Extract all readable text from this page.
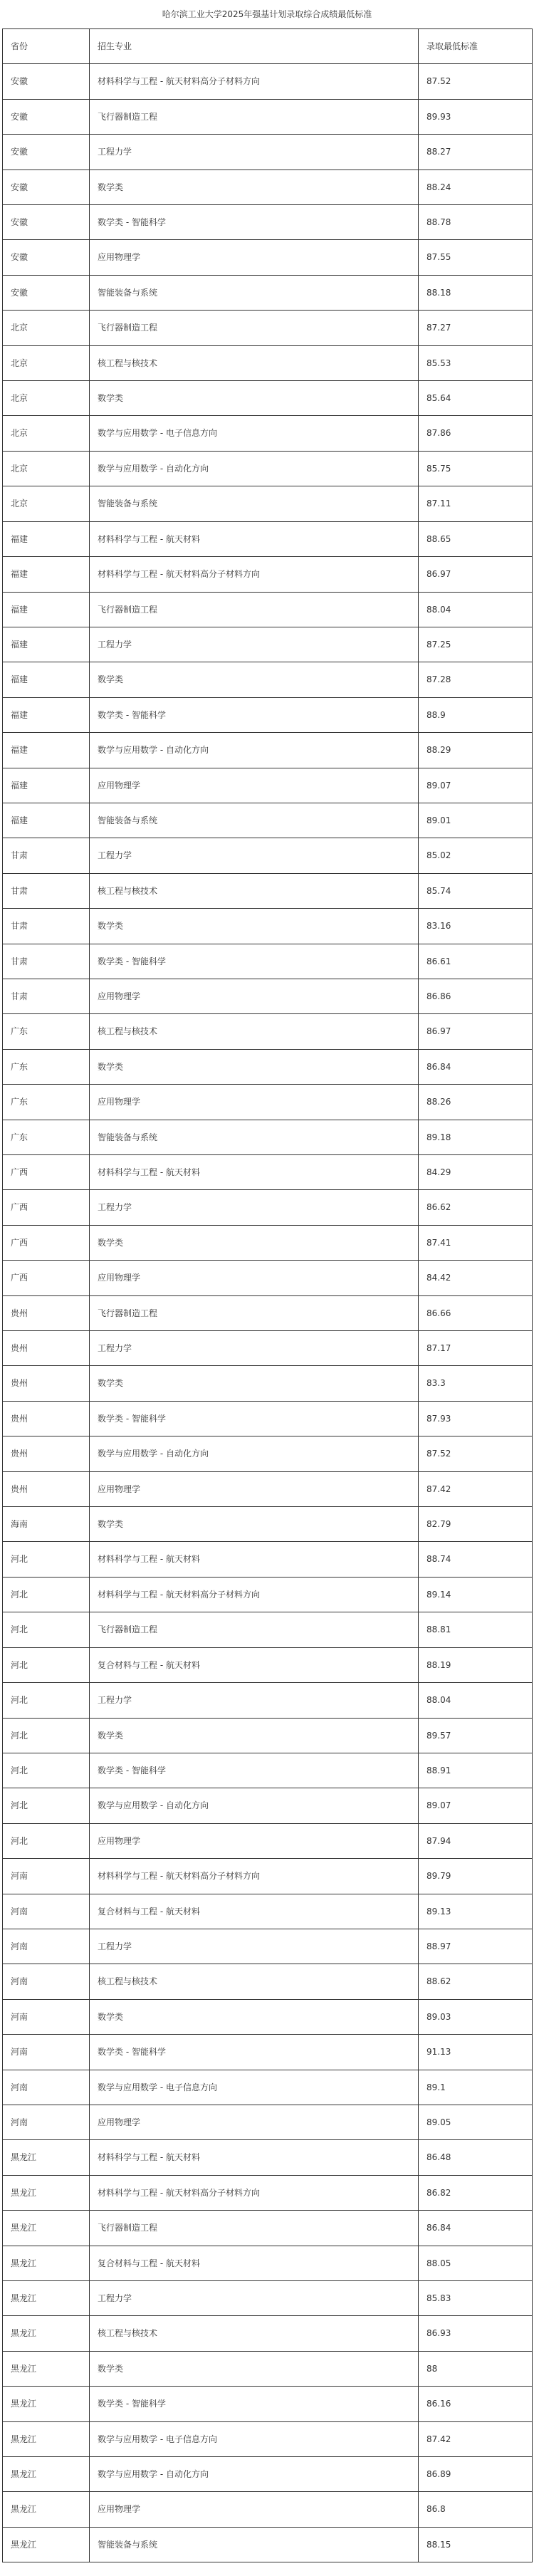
哈尔滨工业大学2025年强基计划录取综合成绩最低标准
省份	招生专业	录取最低标准
安徽	材料科学与工程 - 航天材料高分子材料方向	87.52
安徽	飞行器制造工程	89.93
安徽	工程力学	88.27
安徽	数学类	88.24
安徽	数学类 - 智能科学	88.78
安徽	应用物理学	87.55
安徽	智能装备与系统	88.18
北京	飞行器制造工程	87.27
北京	核工程与核技术	85.53
北京	数学类	85.64
北京	数学与应用数学 - 电子信息方向	87.86
北京	数学与应用数学 - 自动化方向	85.75
北京	智能装备与系统	87.11
福建	材料科学与工程 - 航天材料	88.65
福建	材料科学与工程 - 航天材料高分子材料方向	86.97
福建	飞行器制造工程	88.04
福建	工程力学	87.25
福建	数学类	87.28
福建	数学类 - 智能科学	88.9
福建	数学与应用数学 - 自动化方向	88.29
福建	应用物理学	89.07
福建	智能装备与系统	89.01
甘肃	工程力学	85.02
甘肃	核工程与核技术	85.74
甘肃	数学类	83.16
甘肃	数学类 - 智能科学	86.61
甘肃	应用物理学	86.86
广东	核工程与核技术	86.97
广东	数学类	86.84
广东	应用物理学	88.26
广东	智能装备与系统	89.18
广西	材料科学与工程 - 航天材料	84.29
广西	工程力学	86.62
广西	数学类	87.41
广西	应用物理学	84.42
贵州	飞行器制造工程	86.66
贵州	工程力学	87.17
贵州	数学类	83.3
贵州	数学类 - 智能科学	87.93
贵州	数学与应用数学 - 自动化方向	87.52
贵州	应用物理学	87.42
海南	数学类	82.79
河北	材料科学与工程 - 航天材料	88.74
河北	材料科学与工程 - 航天材料高分子材料方向	89.14
河北	飞行器制造工程	88.81
河北	复合材料与工程 - 航天材料	88.19
河北	工程力学	88.04
河北	数学类	89.57
河北	数学类 - 智能科学	88.91
河北	数学与应用数学 - 自动化方向	89.07
河北	应用物理学	87.94
河南	材料科学与工程 - 航天材料高分子材料方向	89.79
河南	复合材料与工程 - 航天材料	89.13
河南	工程力学	88.97
河南	核工程与核技术	88.62
河南	数学类	89.03
河南	数学类 - 智能科学	91.13
河南	数学与应用数学 - 电子信息方向	89.1
河南	应用物理学	89.05
黑龙江	材料科学与工程 - 航天材料	86.48
黑龙江	材料科学与工程 - 航天材料高分子材料方向	86.82
黑龙江	飞行器制造工程	86.84
黑龙江	复合材料与工程 - 航天材料	88.05
黑龙江	工程力学	85.83
黑龙江	核工程与核技术	86.93
黑龙江	数学类	88
黑龙江	数学类 - 智能科学	86.16
黑龙江	数学与应用数学 - 电子信息方向	87.42
黑龙江	数学与应用数学 - 自动化方向	86.89
黑龙江	应用物理学	86.8
黑龙江	智能装备与系统	88.15
